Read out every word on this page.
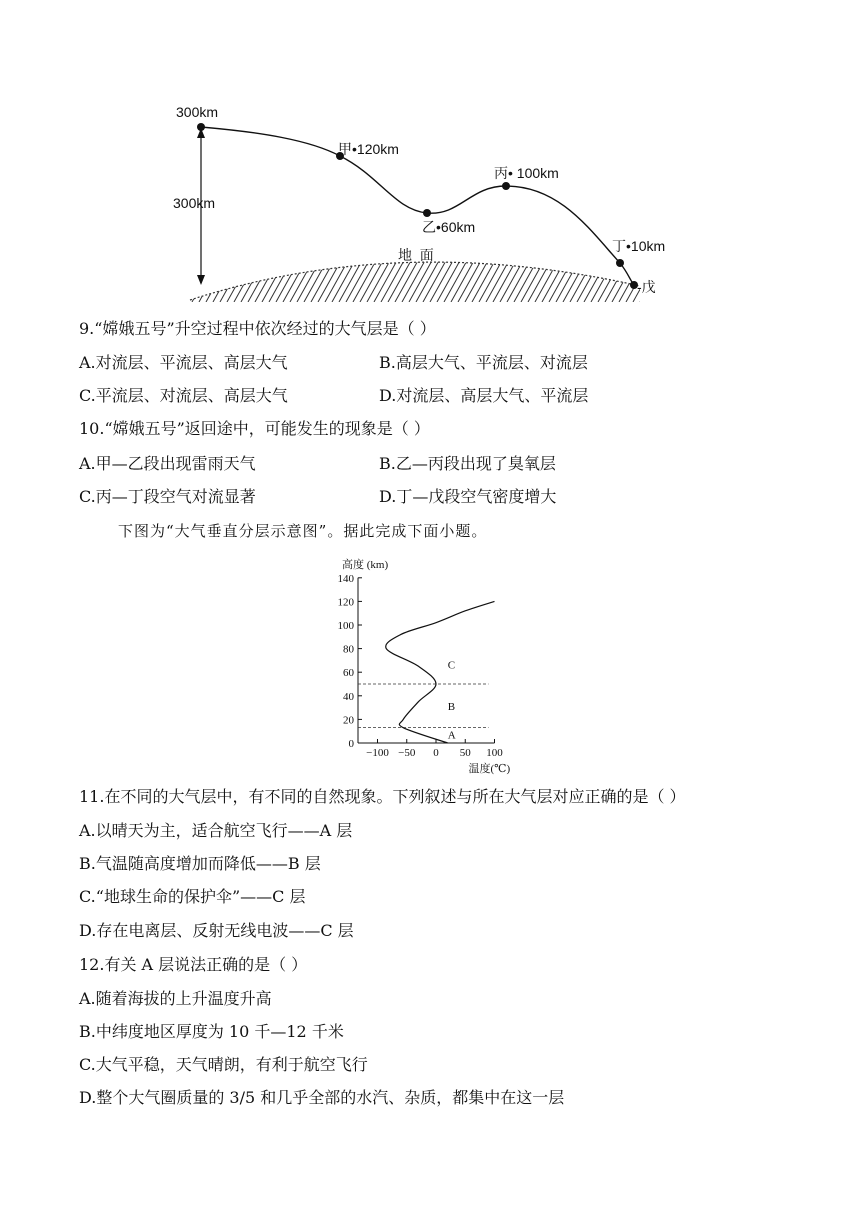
300km
300km
甲•120km
乙•60km
丙• 100km
丁•10km
-戊
地  面
9.“嫦娥五号”升空过程中依次经过的大气层是（ ）
A.对流层、平流层、高层大气	B.高层大气、平流层、对流层
C.平流层、对流层、高层大气	D.对流层、高层大气、平流层
10.“嫦娥五号”返回途中，可能发生的现象是（ ）
A.甲—乙段出现雷雨天气	B.乙—丙段出现了臭氧层
C.丙—丁段空气对流显著	D.丁—戊段空气密度增大
下图为“大气垂直分层示意图”。据此完成下面小题。
0
20
40
60
80
100
120
140
−100 −50 0 50 100
高度 (km)
温度(℃)
A
B
C
11.在不同的大气层中，有不同的自然现象。下列叙述与所在大气层对应正确的是（ ）
A.以晴天为主，适合航空飞行——A 层
B.气温随高度增加而降低——B 层
C.“地球生命的保护伞”——C 层
D.存在电离层、反射无线电波——C 层
12.有关 A 层说法正确的是（ ）
A.随着海拔的上升温度升高
B.中纬度地区厚度为 10 千—12 千米
C.大气平稳，天气晴朗，有利于航空飞行
D.整个大气圈质量的 3/5 和几乎全部的水汽、杂质，都集中在这一层
